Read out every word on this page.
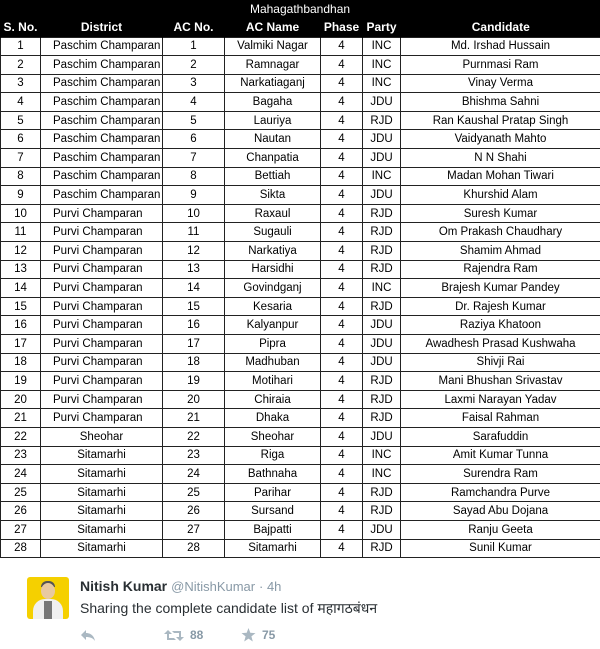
Mahagathbandhan
S. No.	District	AC No.	AC Name	Phase	Party	Candidate
1	Paschim Champaran	1	Valmiki Nagar	4	INC	Md. Irshad Hussain
2	Paschim Champaran	2	Ramnagar	4	INC	Purnmasi Ram
3	Paschim Champaran	3	Narkatiaganj	4	INC	Vinay Verma
4	Paschim Champaran	4	Bagaha	4	JDU	Bhishma Sahni
5	Paschim Champaran	5	Lauriya	4	RJD	Ran Kaushal Pratap Singh
6	Paschim Champaran	6	Nautan	4	JDU	Vaidyanath Mahto
7	Paschim Champaran	7	Chanpatia	4	JDU	N N Shahi
8	Paschim Champaran	8	Bettiah	4	INC	Madan Mohan Tiwari
9	Paschim Champaran	9	Sikta	4	JDU	Khurshid Alam
10	Purvi Champaran	10	Raxaul	4	RJD	Suresh Kumar
11	Purvi Champaran	11	Sugauli	4	RJD	Om Prakash Chaudhary
12	Purvi Champaran	12	Narkatiya	4	RJD	Shamim Ahmad
13	Purvi Champaran	13	Harsidhi	4	RJD	Rajendra Ram
14	Purvi Champaran	14	Govindganj	4	INC	Brajesh Kumar Pandey
15	Purvi Champaran	15	Kesaria	4	RJD	Dr. Rajesh Kumar
16	Purvi Champaran	16	Kalyanpur	4	JDU	Raziya Khatoon
17	Purvi Champaran	17	Pipra	4	JDU	Awadhesh Prasad Kushwaha
18	Purvi Champaran	18	Madhuban	4	JDU	Shivji Rai
19	Purvi Champaran	19	Motihari	4	RJD	Mani Bhushan Srivastav
20	Purvi Champaran	20	Chiraia	4	RJD	Laxmi Narayan Yadav
21	Purvi Champaran	21	Dhaka	4	RJD	Faisal Rahman
22	Sheohar	22	Sheohar	4	JDU	Sarafuddin
23	Sitamarhi	23	Riga	4	INC	Amit Kumar Tunna
24	Sitamarhi	24	Bathnaha	4	INC	Surendra Ram
25	Sitamarhi	25	Parihar	4	RJD	Ramchandra Purve
26	Sitamarhi	26	Sursand	4	RJD	Sayad Abu Dojana
27	Sitamarhi	27	Bajpatti	4	JDU	Ranju Geeta
28	Sitamarhi	28	Sitamarhi	4	RJD	Sunil Kumar
Nitish Kumar @NitishKumar · 4h
Sharing the complete candidate list of महागठबंधन
88	75
